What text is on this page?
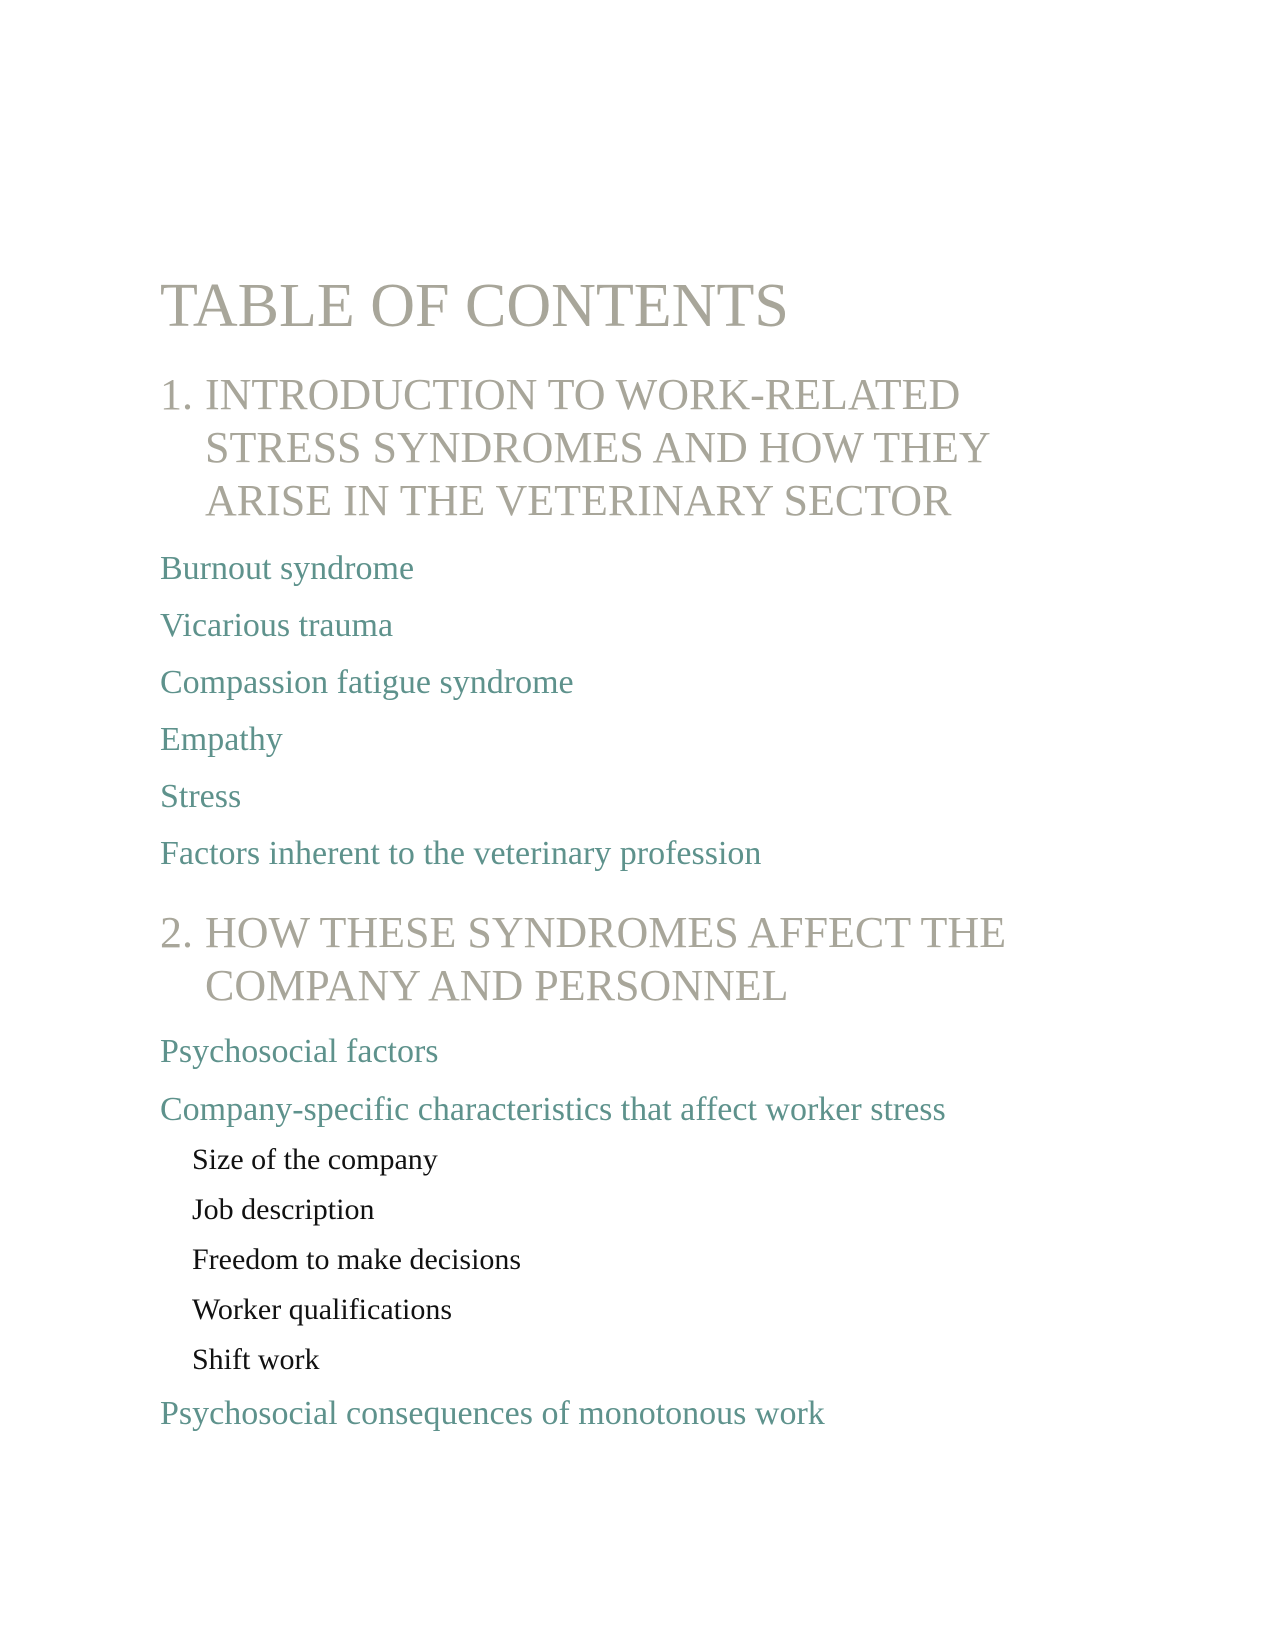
TABLE OF CONTENTS
1. INTRODUCTION TO WORK-RELATED
STRESS SYNDROMES AND HOW THEY
ARISE IN THE VETERINARY SECTOR

Burnout syndrome

Vicarious trauma

Compassion fatigue syndrome

Empathy

Stress

Factors inherent to the veterinary profession

2. HOW THESE SYNDROMES AFFECT THE
COMPANY AND PERSONNEL

Psychosocial factors

Company-specific characteristics that affect worker stress

Size of the company

Job description

Freedom to make decisions

Worker qualifications

Shift work

Psychosocial consequences of monotonous work
